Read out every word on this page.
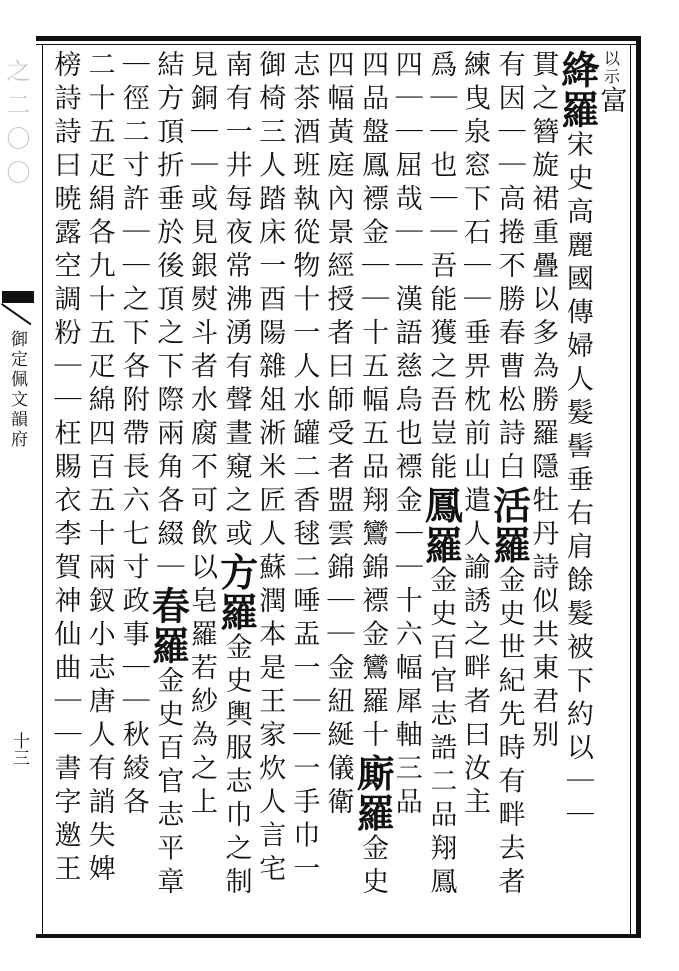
之二〇〇
御定佩文韻府
十三
以示富
絳羅宋史高麗國傳婦人髮髻垂右肩餘髮被下約以｜｜
貫之簪旋裙重疊以多為勝羅隱牡丹詩似共東君别
有因｜｜高捲不勝春曹松詩白活羅金史世紀先時有畔去者
練曳泉窓下石｜｜垂畀枕前山遣人諭誘之畔者曰汝主
爲｜｜也｜｜吾能獲之吾豈能鳳羅金史百官志誥二品翔鳳
四｜｜屈哉｜｜漢語慈烏也褾金｜｜十六幅犀軸三品
四品盤鳳褾金｜｜十五幅五品翔鸞錦褾金鸞羅十廝羅金史
四幅黃庭內景經授者曰師受者盟雲錦｜｜金紐綖儀衛
志茶酒班執從物十一人水罐二香毬二唾盂一｜｜一手巾一
御椅三人踏床一酉陽雜俎淅米匠人蘇潤本是王家炊人言宅
南有一井每夜常沸湧有聲晝窺之或方羅金史輿服志巾之制
見銅｜｜或見銀熨斗者水腐不可飲以皂羅若紗為之上
結方頂折垂於後頂之下際兩角各綴｜春羅金史百官志平章
｜徑二寸許｜｜之下各附帶長六七寸政事｜｜秋綾各
二十五疋絹各九十五疋綿四百五十兩釵小志唐人有誚失婢
榜詩詩曰暁露空調粉｜｜枉賜衣李賀神仙曲｜｜書字邀王
